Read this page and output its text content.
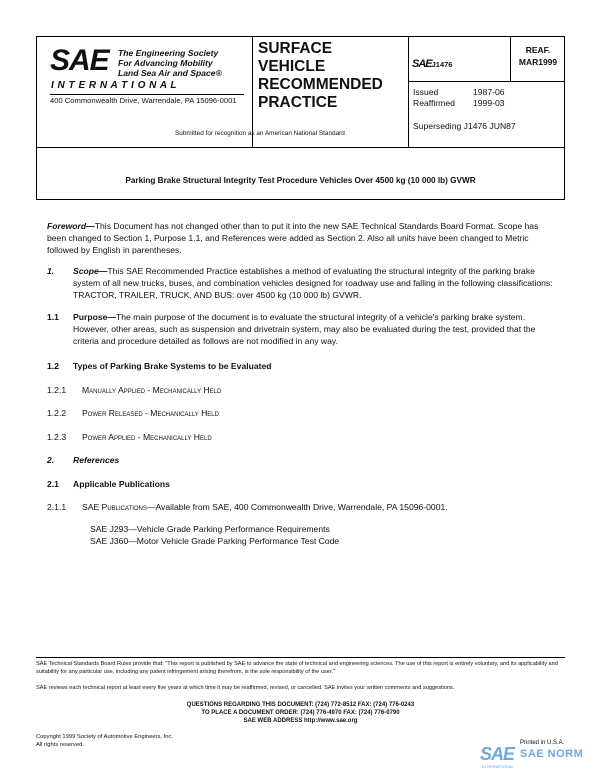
SAE The Engineering Society
For Advancing Mobility
Land Sea Air and Space®
I N T E R N A T I O N A L
400 Commonwealth Drive, Warrendale, PA 15096-0001
SURFACE
VEHICLE
RECOMMENDED
PRACTICE
SAEJ1476
REAF.
MAR1999
Issued	1987-06
Reaffirmed 1999-03
Superseding J1476 JUN87
Submitted for recognition as an American National Standard
Parking Brake Structural Integrity Test Procedure Vehicles Over 4500 kg (10 000 lb) GVWR
Foreword—This Document has not changed other than to put it into the new SAE Technical Standards Board Format. Scope has been changed to Section 1, Purpose 1.1, and References were added as Section 2. Also all units have been changed to Metric followed by English in parentheses.
1. Scope—This SAE Recommended Practice establishes a method of evaluating the structural integrity of the parking brake system of all new trucks, buses, and combination vehicles designed for roadway use and falling in the following classifications: TRACTOR, TRAILER, TRUCK, AND BUS: over 4500 kg (10 000 lb) GVWR.
1.1 Purpose—The main purpose of the document is to evaluate the structural integrity of a vehicle's parking brake system. However, other areas, such as suspension and drivetrain system, may also be evaluated during the test, provided that the criteria and procedure detailed as follows are not modified in any way.
1.2 Types of Parking Brake Systems to be Evaluated
1.2.1 Manually Applied - Mechanically Held
1.2.2 Power Released - Mechanically Held
1.2.3 Power Applied - Mechanically Held
2. References
2.1 Applicable Publications
2.1.1 SAE Publications—Available from SAE, 400 Commonwealth Drive, Warrendale, PA 15096-0001.
SAE J293—Vehicle Grade Parking Performance Requirements
SAE J360—Motor Vehicle Grade Parking Performance Test Code
SAE Technical Standards Board Rules provide that: "This report is published by SAE to advance the state of technical and engineering sciences. The use of this report is entirely voluntary, and its applicability and suitability for any particular use, including any patent infringement arising therefrom, is the sole responsibility of the user."
SAE reviews each technical report at least every five years at which time it may be reaffirmed, revised, or cancelled. SAE invites your written comments and suggestions.
QUESTIONS REGARDING THIS DOCUMENT: (724) 772-8512 FAX: (724) 776-0243
TO PLACE A DOCUMENT ORDER: (724) 776-4970 FAX: (724) 776-0790
SAE WEB ADDRESS http://www.sae.org
Copyright 1999 Society of Automotive Engineers, Inc.
All rights reserved.	Printed in U.S.A.
SAE SAE NORM
INTERNATIONAL
